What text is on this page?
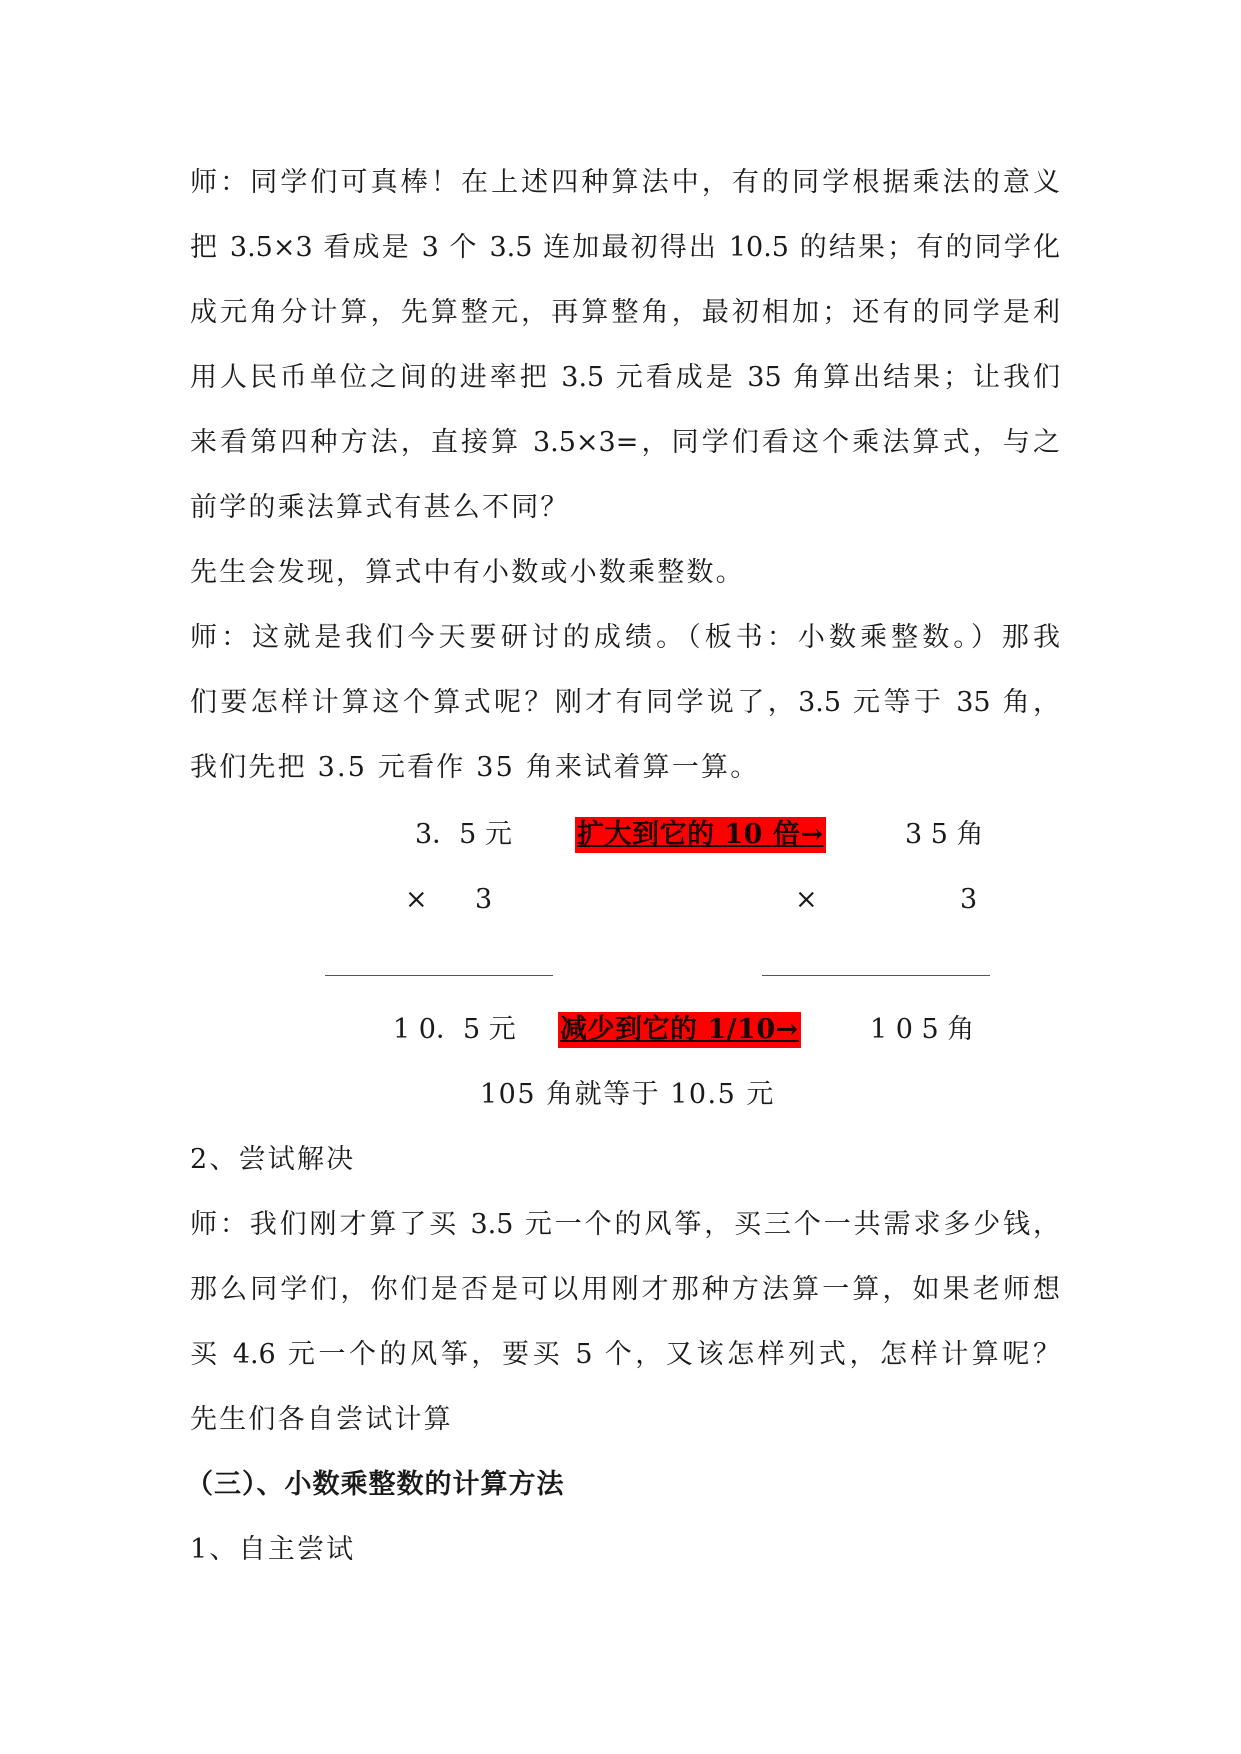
师：同学们可真棒！在上述四种算法中，有的同学根据乘法的意义
把 3.5×3 看成是 3 个 3.5 连加最初得出 10.5 的结果；有的同学化
成元角分计算，先算整元，再算整角，最初相加；还有的同学是利
用人民币单位之间的进率把 3.5 元看成是 35 角算出结果；让我们
来看第四种方法，直接算 3.5×3=，同学们看这个乘法算式，与之
前学的乘法算式有甚么不同？
先生会发现，算式中有小数或小数乘整数。
师：这就是我们今天要研讨的成绩。（板书：小数乘整数。）那我
们要怎样计算这个算式呢？刚才有同学说了，3.5 元等于 35 角，
我们先把 3.5 元看作 35 角来试着算一算。
3．5 元 扩大到它的 10 倍→	3 5 角
× 3	×	3
1 0．5 元 减少到它的 1/10→	1 0 5 角
105 角就等于 10.5 元
2、尝试解决
师：我们刚才算了买 3.5 元一个的风筝，买三个一共需求多少钱，
那么同学们，你们是否是可以用刚才那种方法算一算，如果老师想
买 4.6 元一个的风筝，要买 5 个，又该怎样列式，怎样计算呢？
先生们各自尝试计算
（三）、小数乘整数的计算方法
1、自主尝试
